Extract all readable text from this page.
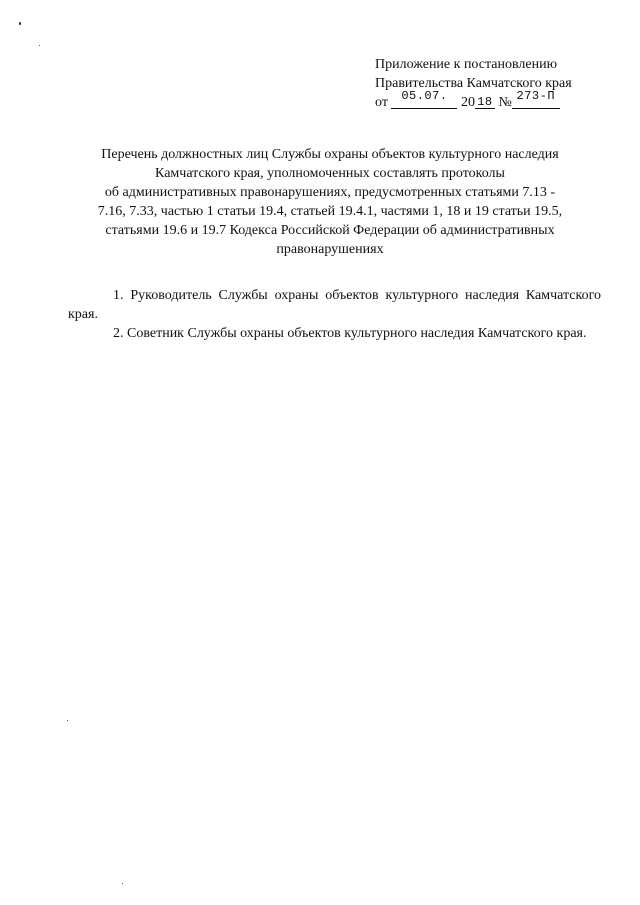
Приложение к постановлению
Правительства Камчатского края
от 05.07. 20 18 № 273-П
Перечень должностных лиц Службы охраны объектов культурного наследия
Камчатского края, уполномоченных составлять протоколы
об административных правонарушениях, предусмотренных статьями 7.13 -
7.16, 7.33, частью 1 статьи 19.4, статьей 19.4.1, частями 1, 18 и 19 статьи 19.5,
статьями 19.6 и 19.7 Кодекса Российской Федерации об административных
правонарушениях

1. Руководитель Службы охраны объектов культурного наследия Камчатского края.

2. Советник Службы охраны объектов культурного наследия Камчатского края.
